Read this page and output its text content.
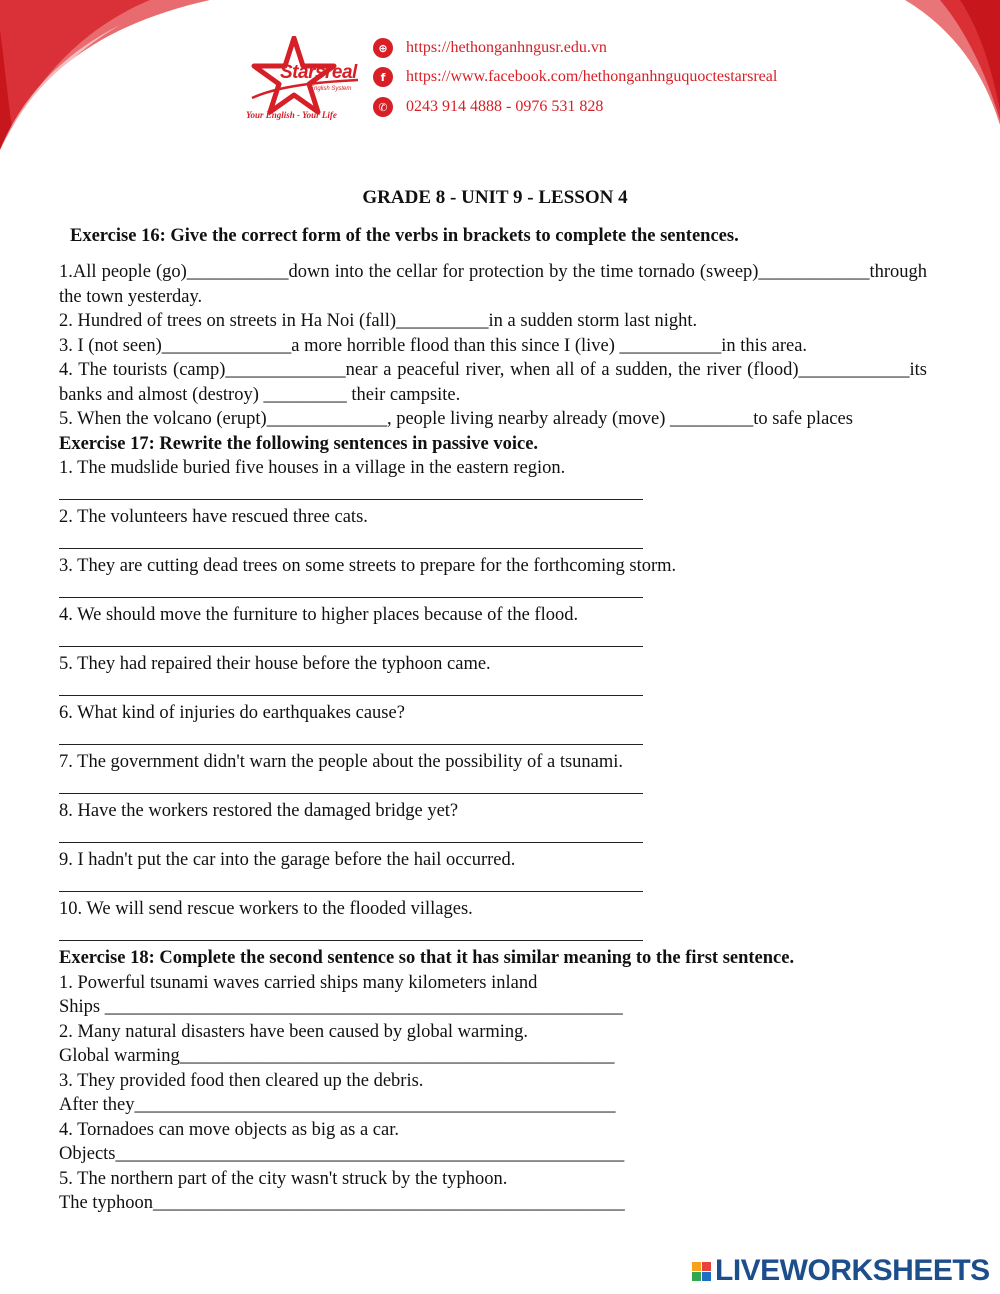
Starsreal
English System
Your English - Your Life
⊕	https://hethonganhngusr.edu.vn
f	https://www.facebook.com/hethonganhnguquoctestarsreal
✆	0243 914 4888 - 0976 531 828
GRADE 8 - UNIT 9 - LESSON 4
Exercise 16: Give the correct form of the verbs in brackets to complete the sentences.

1.All people (go)___________down into the cellar for protection by the time tornado (sweep)____________through the town yesterday.

2. Hundred of trees on streets in Ha Noi (fall)__________in a sudden storm last night.

3. I (not seen)______________a more horrible flood than this since I (live) ___________in this area.

4. The tourists (camp)_____________near a peaceful river, when all of a sudden, the river (flood)____________its banks and almost (destroy) _________ their campsite.

5. When the volcano (erupt)_____________, people living nearby already (move) _________to safe places

Exercise 17: Rewrite the following sentences in passive voice.

1. The mudslide buried five houses in a village in the eastern region.

2. The volunteers have rescued three cats.

3. They are cutting dead trees on some streets to prepare for the forthcoming storm.

4. We should move the furniture to higher places because of the flood.

5. They had repaired their house before the typhoon came.

6. What kind of injuries do earthquakes cause?

7. The government didn't warn the people about the possibility of a tsunami.

8. Have the workers restored the damaged bridge yet?

9. I hadn't put the car into the garage before the hail occurred.

10. We will send rescue workers to the flooded villages.

Exercise 18: Complete the second sentence so that it has similar meaning to the first sentence.

1. Powerful tsunami waves carried ships many kilometers inland

Ships ________________________________________________________

2. Many natural disasters have been caused by global warming.

Global warming_______________________________________________

3. They provided food then cleared up the debris.

After they____________________________________________________

4. Tornadoes can move objects as big as a car.

Objects_______________________________________________________

5. The northern part of the city wasn't struck by the typhoon.

The typhoon___________________________________________________

LIVEWORKSHEETS
